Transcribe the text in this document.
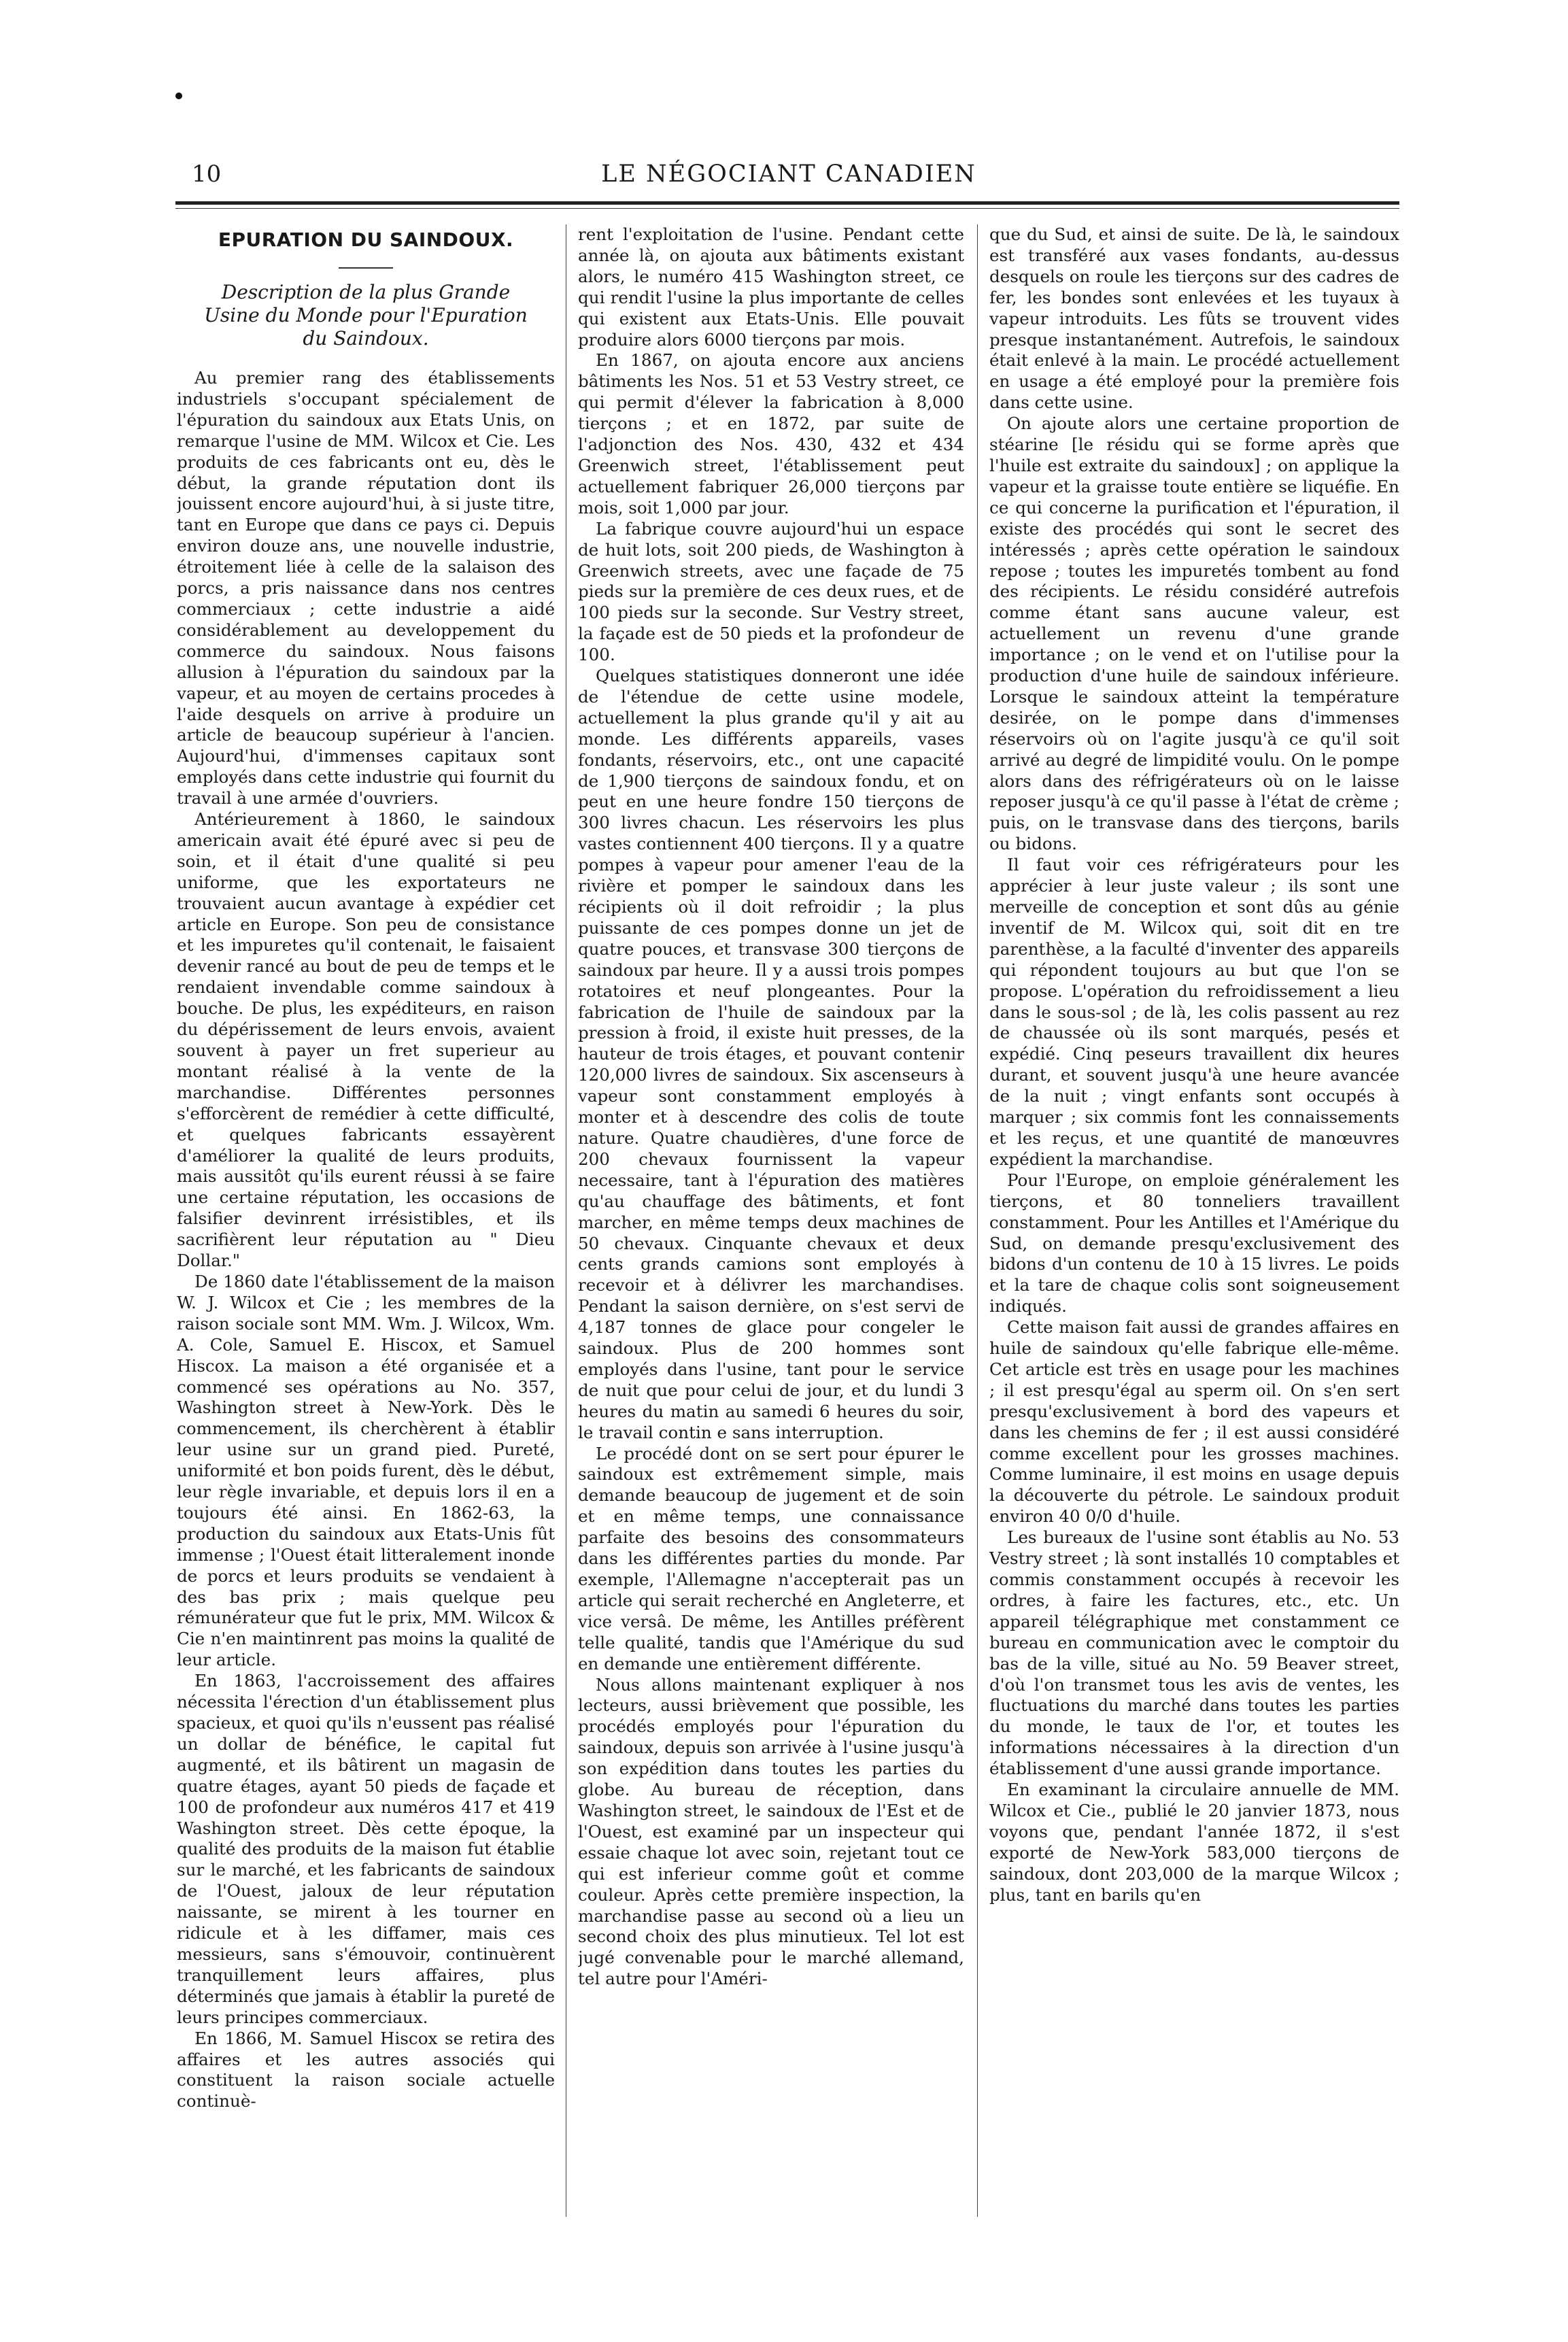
10	LE NÉGOCIANT CANADIEN
EPURATION DU SAINDOUX.
Description de la plus Grande Usine du Monde pour l'Epuration du Saindoux.

Au premier rang des établissements industriels s'occupant spécialement de l'épuration du saindoux aux Etats Unis, on remarque l'usine de MM. Wilcox et Cie. Les produits de ces fabricants ont eu, dès le début, la grande réputation dont ils jouissent encore aujourd'hui, à si juste titre, tant en Europe que dans ce pays ci. Depuis environ douze ans, une nouvelle industrie, étroitement liée à celle de la salaison des porcs, a pris naissance dans nos centres commerciaux ; cette industrie a aidé considérablement au developpement du commerce du saindoux. Nous faisons allusion à l'épuration du saindoux par la vapeur, et au moyen de certains procedes à l'aide desquels on arrive à produire un article de beaucoup supérieur à l'ancien. Aujourd'hui, d'immenses capitaux sont employés dans cette industrie qui fournit du travail à une armée d'ouvriers.

Antérieurement à 1860, le saindoux americain avait été épuré avec si peu de soin, et il était d'une qualité si peu uniforme, que les exportateurs ne trouvaient aucun avantage à expédier cet article en Europe. Son peu de consistance et les impuretes qu'il contenait, le faisaient devenir rancé au bout de peu de temps et le rendaient invendable comme saindoux à bouche. De plus, les expéditeurs, en raison du dépérissement de leurs envois, avaient souvent à payer un fret superieur au montant réalisé à la vente de la marchandise. Différentes personnes s'efforcèrent de remédier à cette difficulté, et quelques fabricants essayèrent d'améliorer la qualité de leurs produits, mais aussitôt qu'ils eurent réussi à se faire une certaine réputation, les occasions de falsifier devinrent irrésistibles, et ils sacrifièrent leur réputation au " Dieu Dollar."

De 1860 date l'établissement de la maison W. J. Wilcox et Cie ; les membres de la raison sociale sont MM. Wm. J. Wilcox, Wm. A. Cole, Samuel E. Hiscox, et Samuel Hiscox. La maison a été organisée et a commencé ses opérations au No. 357, Washington street à New-York. Dès le commencement, ils cherchèrent à établir leur usine sur un grand pied. Pureté, uniformité et bon poids furent, dès le début, leur règle invariable, et depuis lors il en a toujours été ainsi. En 1862-63, la production du saindoux aux Etats-Unis fût immense ; l'Ouest était litteralement inonde de porcs et leurs produits se vendaient à des bas prix ; mais quelque peu rémunérateur que fut le prix, MM. Wilcox & Cie n'en maintinrent pas moins la qualité de leur article.

En 1863, l'accroissement des affaires nécessita l'érection d'un établissement plus spacieux, et quoi qu'ils n'eussent pas réalisé un dollar de bénéfice, le capital fut augmenté, et ils bâtirent un magasin de quatre étages, ayant 50 pieds de façade et 100 de profondeur aux numéros 417 et 419 Washington street. Dès cette époque, la qualité des produits de la maison fut établie sur le marché, et les fabricants de saindoux de l'Ouest, jaloux de leur réputation naissante, se mirent à les tourner en ridicule et à les diffamer, mais ces messieurs, sans s'émouvoir, continuèrent tranquillement leurs affaires, plus déterminés que jamais à établir la pureté de leurs principes commerciaux.

En 1866, M. Samuel Hiscox se retira des affaires et les autres associés qui constituent la raison sociale actuelle continuè-

rent l'exploitation de l'usine. Pendant cette année là, on ajouta aux bâtiments existant alors, le numéro 415 Washington street, ce qui rendit l'usine la plus importante de celles qui existent aux Etats-Unis. Elle pouvait produire alors 6000 tierçons par mois.

En 1867, on ajouta encore aux anciens bâtiments les Nos. 51 et 53 Vestry street, ce qui permit d'élever la fabrication à 8,000 tierçons ; et en 1872, par suite de l'adjonction des Nos. 430, 432 et 434 Greenwich street, l'établissement peut actuellement fabriquer 26,000 tierçons par mois, soit 1,000 par jour.

La fabrique couvre aujourd'hui un espace de huit lots, soit 200 pieds, de Washington à Greenwich streets, avec une façade de 75 pieds sur la première de ces deux rues, et de 100 pieds sur la seconde. Sur Vestry street, la façade est de 50 pieds et la profondeur de 100.

Quelques statistiques donneront une idée de l'étendue de cette usine modele, actuellement la plus grande qu'il y ait au monde. Les différents appareils, vases fondants, réservoirs, etc., ont une capacité de 1,900 tierçons de saindoux fondu, et on peut en une heure fondre 150 tierçons de 300 livres chacun. Les réservoirs les plus vastes contiennent 400 tierçons. Il y a quatre pompes à vapeur pour amener l'eau de la rivière et pomper le saindoux dans les récipients où il doit refroidir ; la plus puissante de ces pompes donne un jet de quatre pouces, et transvase 300 tierçons de saindoux par heure. Il y a aussi trois pompes rotatoires et neuf plongeantes. Pour la fabrication de l'huile de saindoux par la pression à froid, il existe huit presses, de la hauteur de trois étages, et pouvant contenir 120,000 livres de saindoux. Six ascenseurs à vapeur sont constamment employés à monter et à descendre des colis de toute nature. Quatre chaudières, d'une force de 200 chevaux fournissent la vapeur necessaire, tant à l'épuration des matières qu'au chauffage des bâtiments, et font marcher, en même temps deux machines de 50 chevaux. Cinquante chevaux et deux cents grands camions sont employés à recevoir et à délivrer les marchandises. Pendant la saison dernière, on s'est servi de 4,187 tonnes de glace pour congeler le saindoux. Plus de 200 hommes sont employés dans l'usine, tant pour le service de nuit que pour celui de jour, et du lundi 3 heures du matin au samedi 6 heures du soir, le travail contin e sans interruption.

Le procédé dont on se sert pour épurer le saindoux est extrêmement simple, mais demande beaucoup de jugement et de soin et en même temps, une connaissance parfaite des besoins des consommateurs dans les différentes parties du monde. Par exemple, l'Allemagne n'accepterait pas un article qui serait recherché en Angleterre, et vice versâ. De même, les Antilles préfèrent telle qualité, tandis que l'Amérique du sud en demande une entièrement différente.

Nous allons maintenant expliquer à nos lecteurs, aussi brièvement que possible, les procédés employés pour l'épuration du saindoux, depuis son arrivée à l'usine jusqu'à son expédition dans toutes les parties du globe. Au bureau de réception, dans Washington street, le saindoux de l'Est et de l'Ouest, est examiné par un inspecteur qui essaie chaque lot avec soin, rejetant tout ce qui est inferieur comme goût et comme couleur. Après cette première inspection, la marchandise passe au second où a lieu un second choix des plus minutieux. Tel lot est jugé convenable pour le marché allemand, tel autre pour l'Améri-

que du Sud, et ainsi de suite. De là, le saindoux est transféré aux vases fondants, au-dessus desquels on roule les tierçons sur des cadres de fer, les bondes sont enlevées et les tuyaux à vapeur introduits. Les fûts se trouvent vides presque instantanément. Autrefois, le saindoux était enlevé à la main. Le procédé actuellement en usage a été employé pour la première fois dans cette usine.

On ajoute alors une certaine proportion de stéarine [le résidu qui se forme après que l'huile est extraite du saindoux] ; on applique la vapeur et la graisse toute entière se liquéfie. En ce qui concerne la purification et l'épuration, il existe des procédés qui sont le secret des intéressés ; après cette opération le saindoux repose ; toutes les impuretés tombent au fond des récipients. Le résidu considéré autrefois comme étant sans aucune valeur, est actuellement un revenu d'une grande importance ; on le vend et on l'utilise pour la production d'une huile de saindoux inférieure. Lorsque le saindoux atteint la température desirée, on le pompe dans d'immenses réservoirs où on l'agite jusqu'à ce qu'il soit arrivé au degré de limpidité voulu. On le pompe alors dans des réfrigérateurs où on le laisse reposer jusqu'à ce qu'il passe à l'état de crème ; puis, on le transvase dans des tierçons, barils ou bidons.

Il faut voir ces réfrigérateurs pour les apprécier à leur juste valeur ; ils sont une merveille de conception et sont dûs au génie inventif de M. Wilcox qui, soit dit en tre parenthèse, a la faculté d'inventer des appareils qui répondent toujours au but que l'on se propose. L'opération du refroidissement a lieu dans le sous-sol ; de là, les colis passent au rez de chaussée où ils sont marqués, pesés et expédié. Cinq peseurs travaillent dix heures durant, et souvent jusqu'à une heure avancée de la nuit ; vingt enfants sont occupés à marquer ; six commis font les connaissements et les reçus, et une quantité de manœuvres expédient la marchandise.

Pour l'Europe, on emploie généralement les tierçons, et 80 tonneliers travaillent constamment. Pour les Antilles et l'Amérique du Sud, on demande presqu'exclusivement des bidons d'un contenu de 10 à 15 livres. Le poids et la tare de chaque colis sont soigneusement indiqués.

Cette maison fait aussi de grandes affaires en huile de saindoux qu'elle fabrique elle-même. Cet article est très en usage pour les machines ; il est presqu'égal au sperm oil. On s'en sert presqu'exclusivement à bord des vapeurs et dans les chemins de fer ; il est aussi considéré comme excellent pour les grosses machines. Comme luminaire, il est moins en usage depuis la découverte du pétrole. Le saindoux produit environ 40 0/0 d'huile.

Les bureaux de l'usine sont établis au No. 53 Vestry street ; là sont installés 10 comptables et commis constamment occupés à recevoir les ordres, à faire les factures, etc., etc. Un appareil télégraphique met constamment ce bureau en communication avec le comptoir du bas de la ville, situé au No. 59 Beaver street, d'où l'on transmet tous les avis de ventes, les fluctuations du marché dans toutes les parties du monde, le taux de l'or, et toutes les informations nécessaires à la direction d'un établissement d'une aussi grande importance.

En examinant la circulaire annuelle de MM. Wilcox et Cie., publié le 20 janvier 1873, nous voyons que, pendant l'année 1872, il s'est exporté de New-York 583,000 tierçons de saindoux, dont 203,000 de la marque Wilcox ; plus, tant en barils qu'en
